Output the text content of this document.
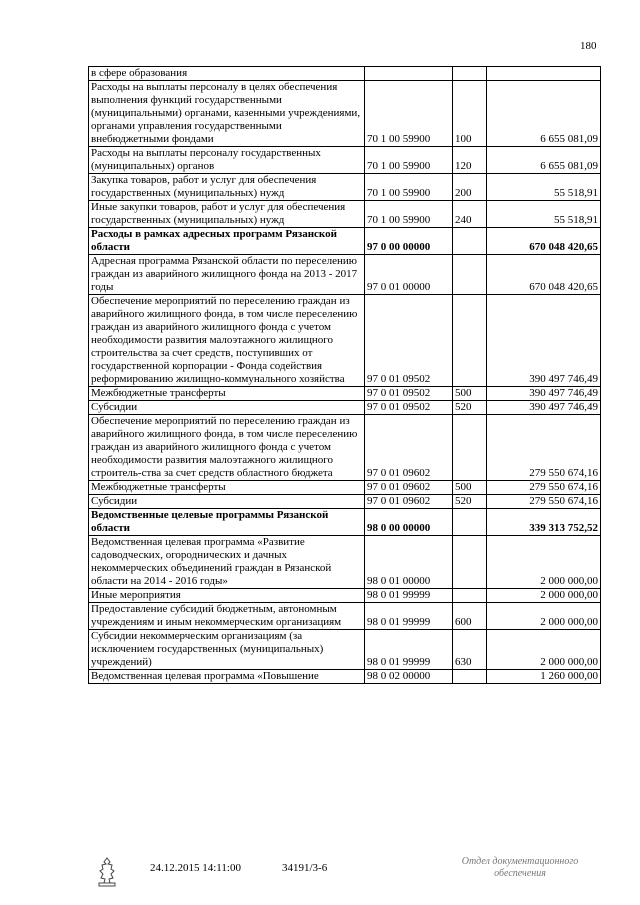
180
в сфере образования			
Расходы на выплаты персоналу в целях обеспечения выполнения функций государственными (муниципальными) органами, казенными учреждениями, органами управления государственными внебюджетными фондами	70 1 00 59900	100	6 655 081,09
Расходы на выплаты персоналу государственных (муниципальных) органов	70 1 00 59900	120	6 655 081,09
Закупка товаров, работ и услуг для обеспечения государственных (муниципальных) нужд	70 1 00 59900	200	55 518,91
Иные закупки товаров, работ и услуг для обеспечения государственных (муниципальных) нужд	70 1 00 59900	240	55 518,91
Расходы в рамках адресных программ Рязанской области	97 0 00 00000		670 048 420,65
Адресная программа Рязанской области по переселению граждан из аварийного жилищного фонда на 2013 - 2017 годы	97 0 01 00000		670 048 420,65
Обеспечение мероприятий по переселению граждан из аварийного жилищного фонда, в том числе переселению граждан из аварийного жилищного фонда с учетом необходимости развития малоэтажного жилищного строительства за счет средств, поступивших от государственной корпорации - Фонда содействия реформированию жилищно-коммунального хозяйства	97 0 01 09502		390 497 746,49
Межбюджетные трансферты	97 0 01 09502	500	390 497 746,49
Субсидии	97 0 01 09502	520	390 497 746,49
Обеспечение мероприятий по переселению граждан из аварийного жилищного фонда, в том числе переселению граждан из аварийного жилищного фонда с учетом необходимости развития малоэтажного жилищного строитель-ства за счет средств областного бюджета	97 0 01 09602		279 550 674,16
Межбюджетные трансферты	97 0 01 09602	500	279 550 674,16
Субсидии	97 0 01 09602	520	279 550 674,16
Ведомственные целевые программы Рязанской области	98 0 00 00000		339 313 752,52
Ведомственная целевая программа «Развитие садоводческих, огороднических и дачных некоммерческих объединений граждан в Рязанской области на 2014 - 2016 годы»	98 0 01 00000		2 000 000,00
Иные мероприятия	98 0 01 99999		2 000 000,00
Предоставление субсидий бюджетным, автономным учреждениям и иным некоммерческим организациям	98 0 01 99999	600	2 000 000,00
Субсидии некоммерческим организациям (за исключением государственных (муниципальных) учреждений)	98 0 01 99999	630	2 000 000,00
Ведомственная целевая программа «Повышение	98 0 02 00000		1 260 000,00
24.12.2015 14:11:00	34191/3-6
Отдел документационного
обеспечения
